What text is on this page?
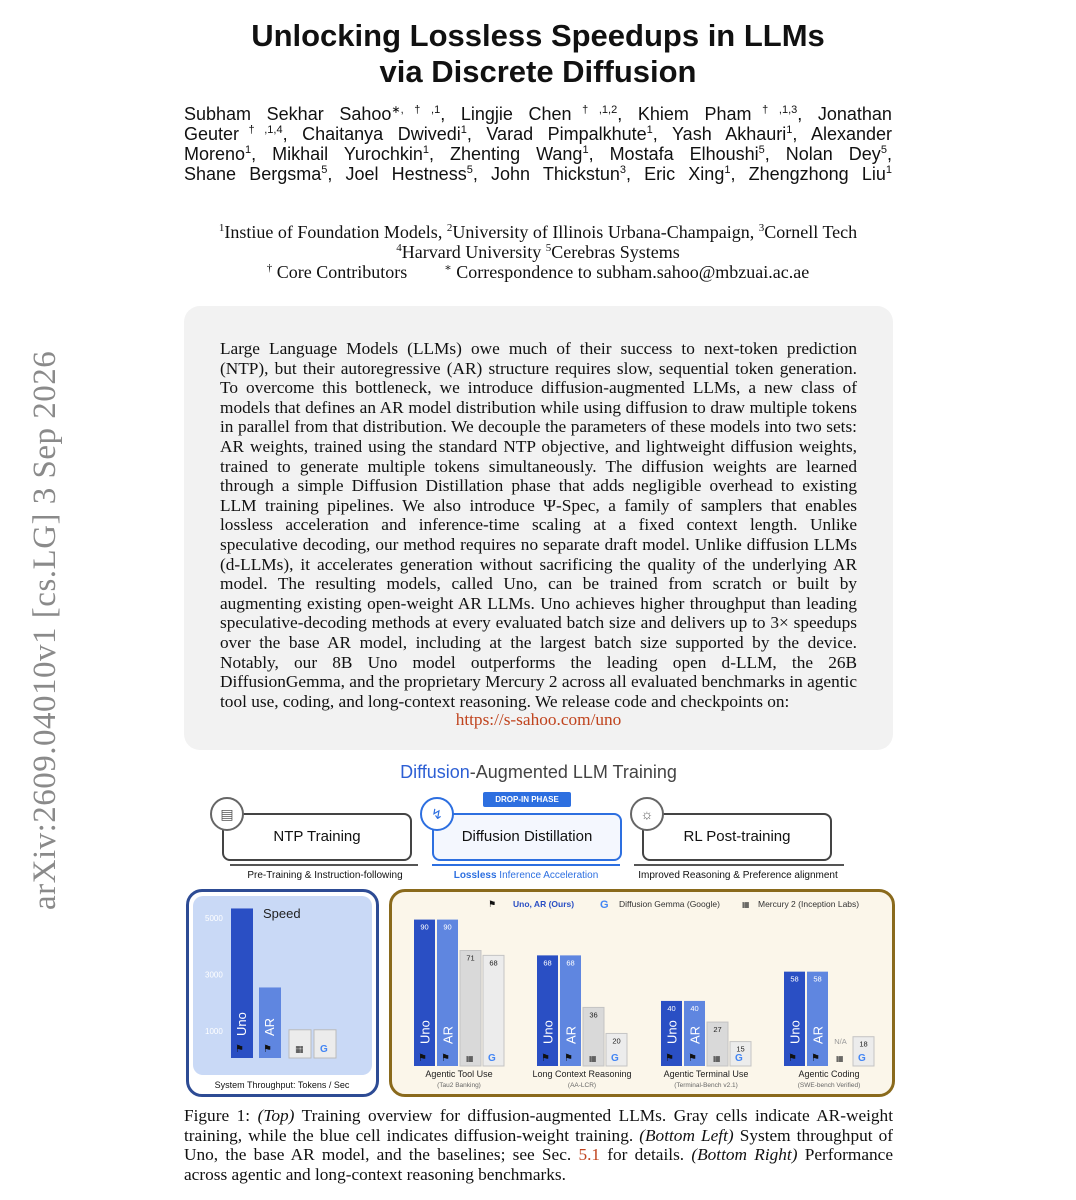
arXiv:2609.04010v1 [cs.LG] 3 Sep 2026
Unlocking Lossless Speedups in LLMs
via Discrete Diffusion
Subham Sekhar Sahoo$^{∗,\dagger,1}$, Lingjie Chen$^{\dagger,1,2}$, Khiem Pham$^{\dagger,1,3}$, Jonathan
Geuter$^{\dagger,1,4}$, Chaitanya Dwivedi$^1$, Varad Pimpalkhute$^1$, Yash Akhauri$^1$, Alexander
Moreno$^1$, Mikhail Yurochkin$^1$, Zhenting Wang$^1$, Mostafa Elhoushi$^5$, Nolan Dey$^5$,
Shane Bergsma$^5$, Joel Hestness$^5$, John Thickstun$^3$, Eric Xing$^1$, Zhengzhong Liu$^1$
$^1$Instiue of Foundation Models, $^2$University of Illinois Urbana-Champaign, $^3$Cornell Tech
$^4$Harvard University $^5$Cerebras Systems
† Core Contributors	∗ Correspondence to subham.sahoo@mbzuai.ac.ae
Large Language Models (LLMs) owe much of their success to next-token prediction (NTP), but their autoregressive (AR) structure requires slow, sequential token generation. To overcome this bottleneck, we introduce diffusion-augmented LLMs, a new class of models that defines an AR model distribution while using diffusion to draw multiple tokens in parallel from that distribution. We decouple the parameters of these models into two sets: AR weights, trained using the standard NTP objective, and lightweight diffusion weights, trained to generate multiple tokens simultaneously. The diffusion weights are learned through a simple Diffusion Distillation phase that adds negligible overhead to existing LLM training pipelines. We also introduce Ψ-Spec, a family of samplers that enables lossless acceleration and inference-time scaling at a fixed context length. Unlike speculative decoding, our method requires no separate draft model. Unlike diffusion LLMs (d-LLMs), it accelerates generation without sacrificing the quality of the underlying AR model. The resulting models, called Uno, can be trained from scratch or built by augmenting existing open-weight AR LLMs. Uno achieves higher throughput than leading speculative-decoding methods at every evaluated batch size and delivers up to 3× speedups over the base AR model, including at the largest batch size supported by the device. Notably, our 8B Uno model outperforms the leading open d-LLM, the 26B DiffusionGemma, and the proprietary Mercury 2 across all evaluated benchmarks in agentic tool use, coding, and long-context reasoning. We release code and checkpoints on:
https://s-sahoo.com/uno
Diffusion-Augmented LLM Training
DROP-IN PHASE
NTP Training	Diffusion Distillation	RL Post-training
▤	↯	☼
Pre-Training & Instruction-following	Lossless Inference Acceleration	Improved Reasoning & Preference alignment
1000
3000
5000	Speed
Uno
⚑
AR
⚑	▦ G
System Throughput: Tokens / Sec
⚑ Uno, AR (Ours) G Diffusion Gemma (Google)	▦ Mercury 2 (Inception Labs)
90
Uno
⚑
90
AR
⚑
71
▦
68
G
Agentic Tool Use
(Tau2 Banking)
68
Uno
⚑
68
AR
⚑
36
▦
20
G
Long Context Reasoning
(AA-LCR)
40
Uno
⚑
40
AR
⚑
27
▦
15
G
Agentic Terminal Use
(Terminal-Bench v2.1)
58
Uno
⚑
58
AR
⚑
N/A
▦
18
G
Agentic Coding
(SWE-bench Verified)
Figure 1: (Top) Training overview for diffusion-augmented LLMs. Gray cells indicate AR-weight training, while the blue cell indicates diffusion-weight training. (Bottom Left) System throughput of Uno, the base AR model, and the baselines; see Sec. 5.1 for details. (Bottom Right) Performance across agentic and long-context reasoning benchmarks.
